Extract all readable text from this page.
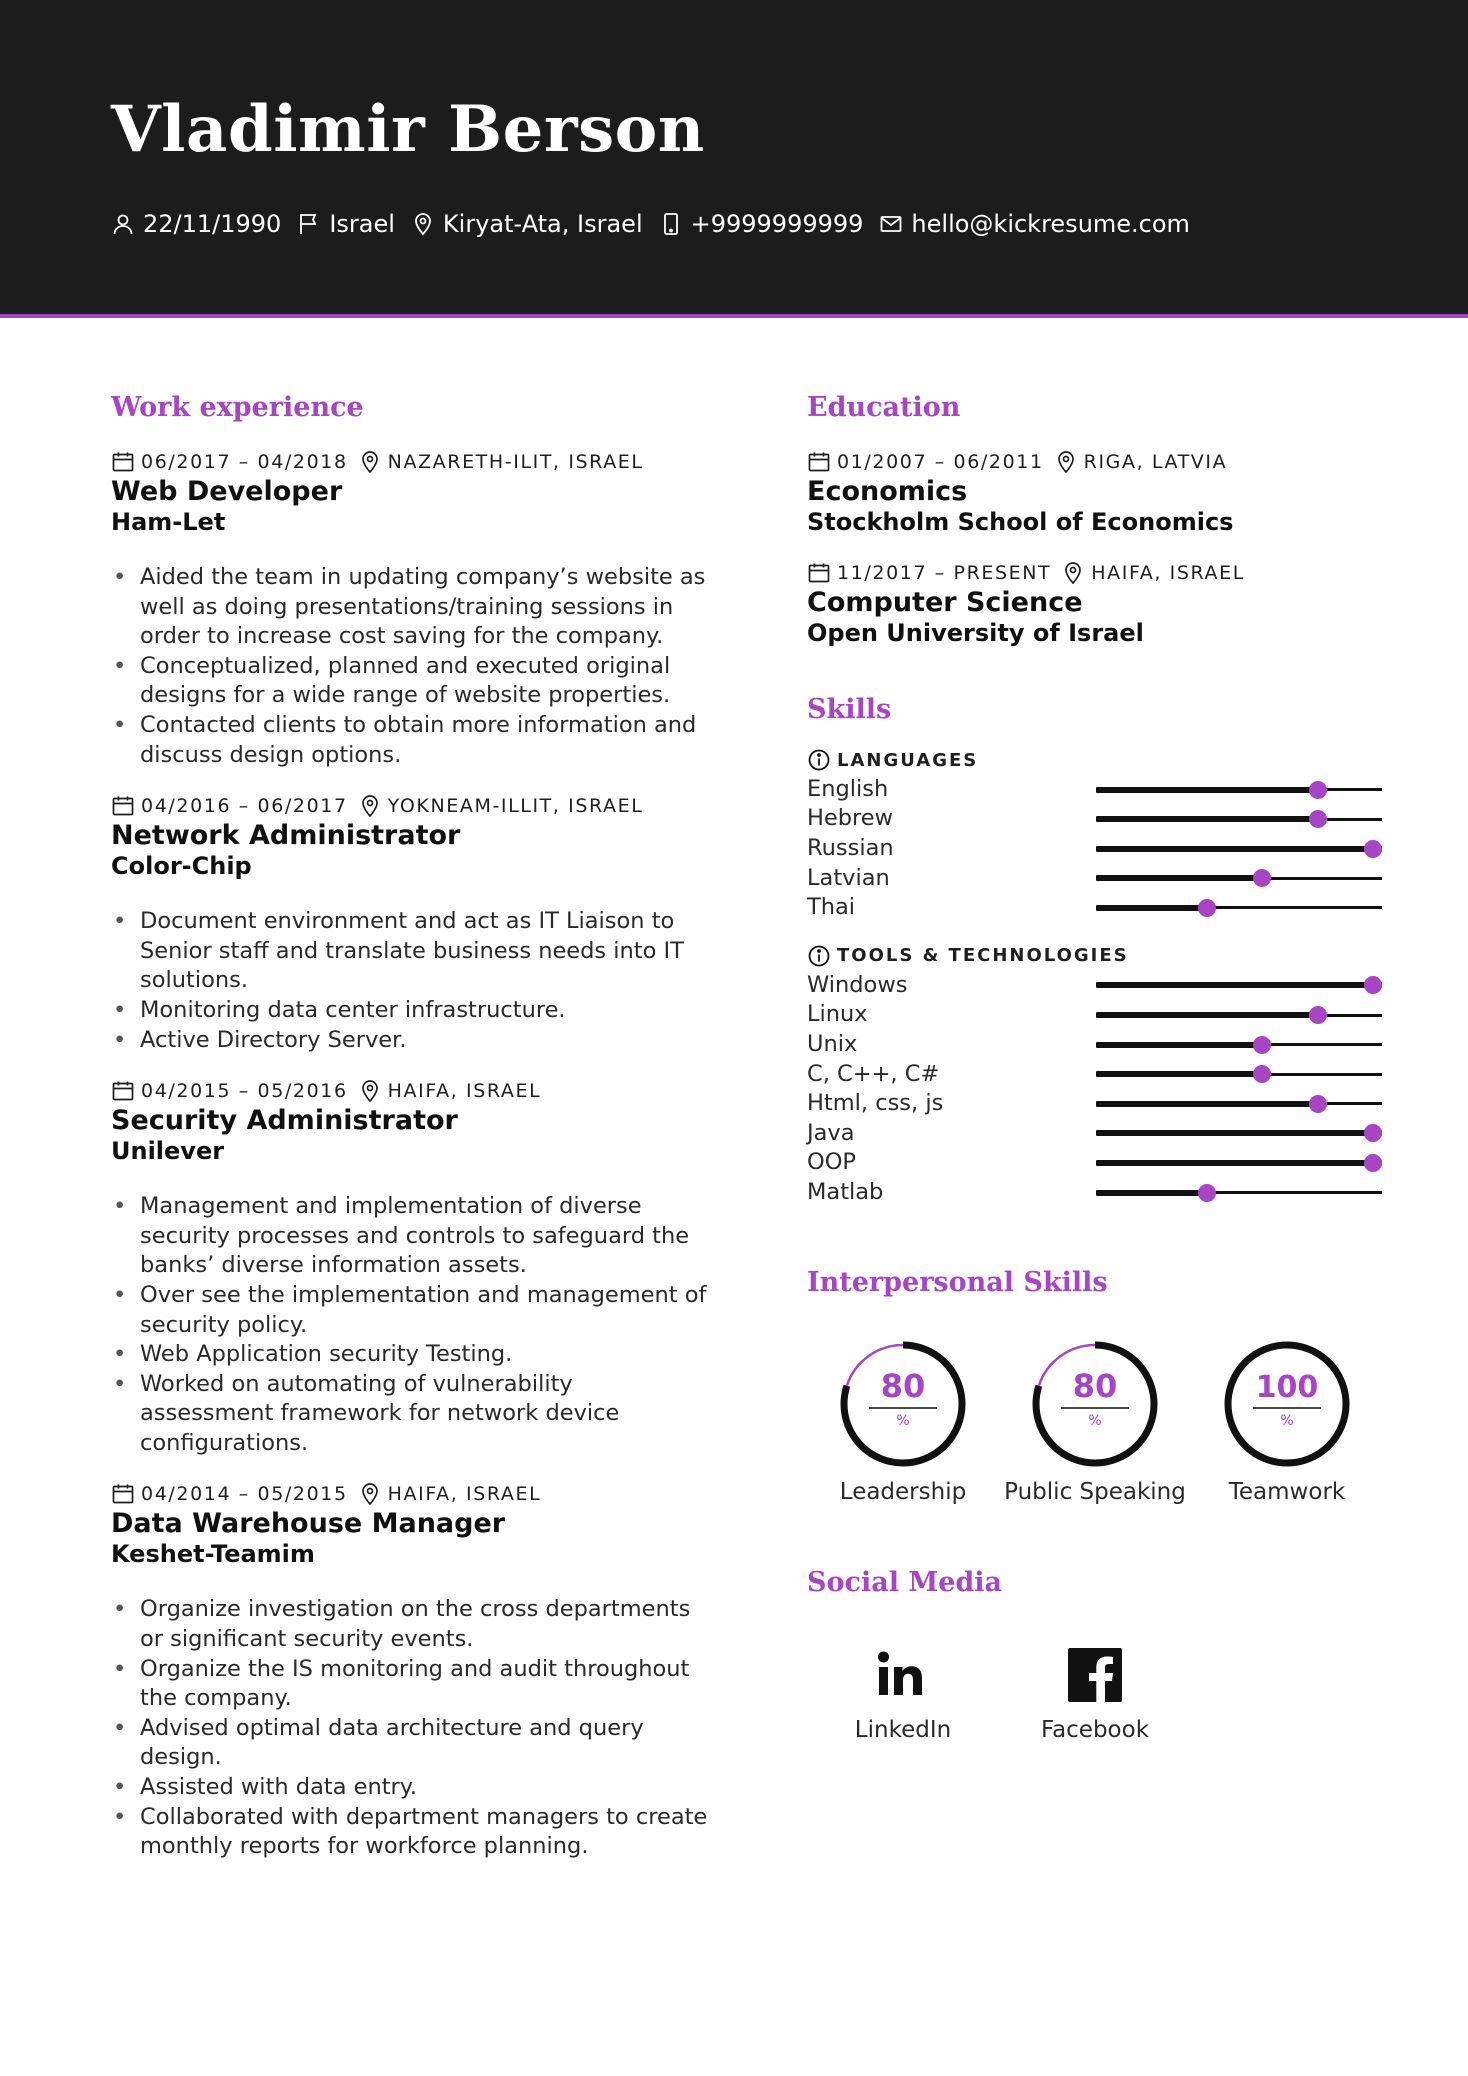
Vladimir Berson
22/11/1990 Israel Kiryat-Ata, Israel +9999999999 hello@kickresume.com
Work experience
06/2017 – 04/2018 NAZARETH-ILIT, ISRAEL
Web Developer
Ham-Let
• Aided the team in updating company’s website as well as doing presentations/training sessions in order to increase cost saving for the company.
• Conceptualized, planned and executed original designs for a wide range of website properties.
• Contacted clients to obtain more information and discuss design options.
04/2016 – 06/2017 YOKNEAM-ILLIT, ISRAEL
Network Administrator
Color-Chip
• Document environment and act as IT Liaison to Senior staff and translate business needs into IT solutions.
• Monitoring data center infrastructure.
• Active Directory Server.
04/2015 – 05/2016 HAIFA, ISRAEL
Security Administrator
Unilever
• Management and implementation of diverse security processes and controls to safeguard the banks’ diverse information assets.
• Over see the implementation and management of security policy.
• Web Application security Testing.
• Worked on automating of vulnerability assessment framework for network device configurations.
04/2014 – 05/2015 HAIFA, ISRAEL
Data Warehouse Manager
Keshet-Teamim
• Organize investigation on the cross departments or significant security events.
• Organize the IS monitoring and audit throughout the company.
• Advised optimal data architecture and query design.
• Assisted with data entry.
• Collaborated with department managers to create monthly reports for workforce planning.
Education
01/2007 – 06/2011 RIGA, LATVIA
Economics
Stockholm School of Economics
11/2017 – PRESENT HAIFA, ISRAEL
Computer Science
Open University of Israel
Skills
LANGUAGES
English
Hebrew
Russian
Latvian
Thai
TOOLS & TECHNOLOGIES
Windows
Linux
Unix
C, C++, C#
Html, css, js
Java
OOP
Matlab
Interpersonal Skills
80
%
Leadership
80
%
Public Speaking
100
%
Teamwork
Social Media
LinkedIn	Facebook
